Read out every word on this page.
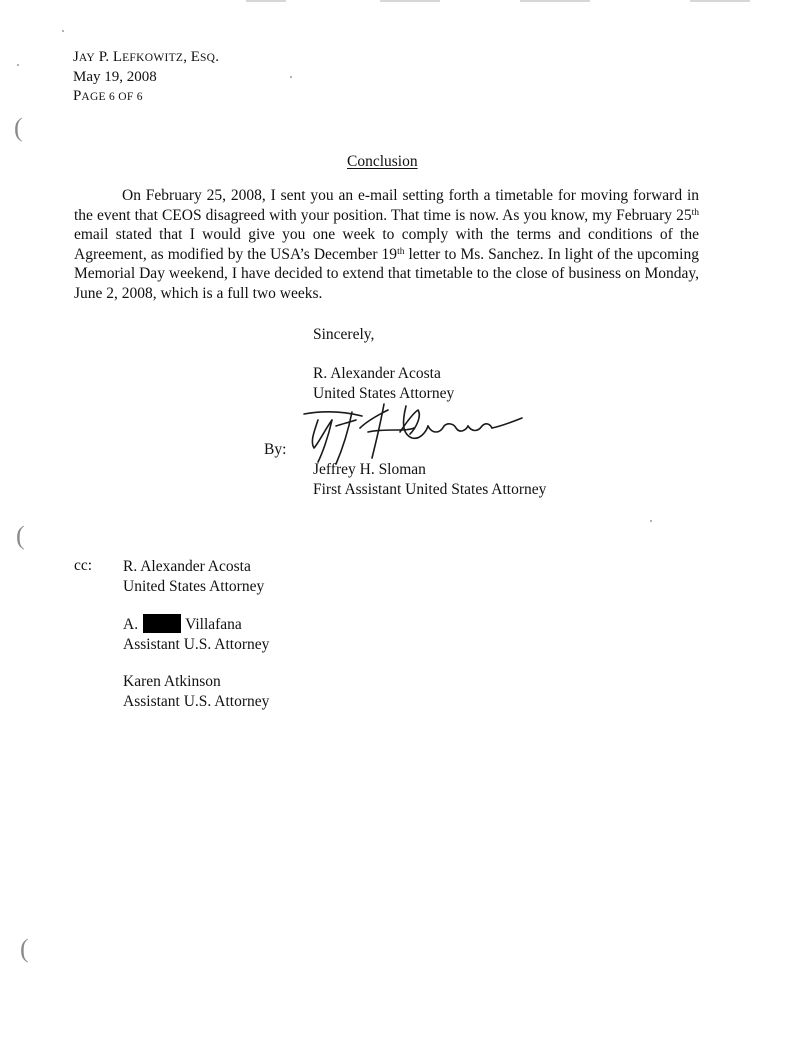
(
(
(
JAY P. LEFKOWITZ, ESQ.
May 19, 2008
PAGE 6 OF 6
Conclusion
On February 25, 2008, I sent you an e-mail setting forth a timetable for moving forward in
the event that CEOS disagreed with your position. That time is now. As you know, my February 25th
email stated that I would give you one week to comply with the terms and conditions of the
Agreement, as modified by the USA’s December 19th letter to Ms. Sanchez. In light of the upcoming
Memorial Day weekend, I have decided to extend that timetable to the close of business on Monday,
June 2, 2008, which is a full two weeks.
Sincerely,
R. Alexander Acosta
United States Attorney
By:
Jeffrey H. Sloman
First Assistant United States Attorney
cc: R. Alexander Acosta
United States Attorney
A.	Villafana
Assistant U.S. Attorney
Karen Atkinson
Assistant U.S. Attorney
